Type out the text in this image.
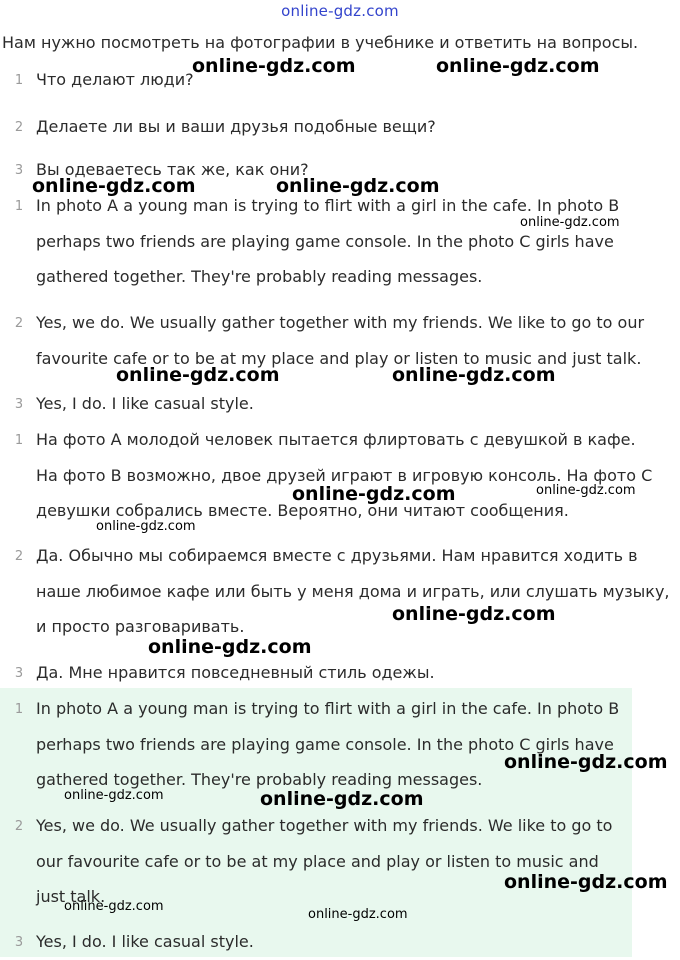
online-gdz.com
Нам нужно посмотреть на фотографии в учебнике и ответить на вопросы.
1 Что делают люди?
2 Делаете ли вы и ваши друзья подобные вещи?
3 Вы одеваетесь так же, как они?
1 In photo A a young man is trying to flirt with a girl in the cafe. In photo B perhaps two friends are playing game console. In the photo C girls have gathered together. They're probably reading messages.
2 Yes, we do. We usually gather together with my friends. We like to go to our favourite cafe or to be at my place and play or listen to music and just talk.
3 Yes, I do. I like casual style.
1 На фото А молодой человек пытается флиртовать с девушкой в кафе. На фото B возможно, двое друзей играют в игровую консоль. На фото C девушки собрались вместе. Вероятно, они читают сообщения.
2 Да. Обычно мы собираемся вместе с друзьями. Нам нравится ходить в наше любимое кафе или быть у меня дома и играть, или слушать музыку, и просто разговаривать.
3 Да. Мне нравится повседневный стиль одежы.
1 In photo A a young man is trying to flirt with a girl in the cafe. In photo B perhaps two friends are playing game console. In the photo C girls have gathered together. They're probably reading messages.
2 Yes, we do. We usually gather together with my friends. We like to go to our favourite cafe or to be at my place and play or listen to music and just talk.
3 Yes, I do. I like casual style.
online-gdz.com	online-gdz.com
online-gdz.com	online-gdz.com
online-gdz.com
online-gdz.com	online-gdz.com
online-gdz.com	online-gdz.com
online-gdz.com
online-gdz.com
online-gdz.com
online-gdz.com
online-gdz.com	online-gdz.com
online-gdz.com
online-gdz.com
online-gdz.com
